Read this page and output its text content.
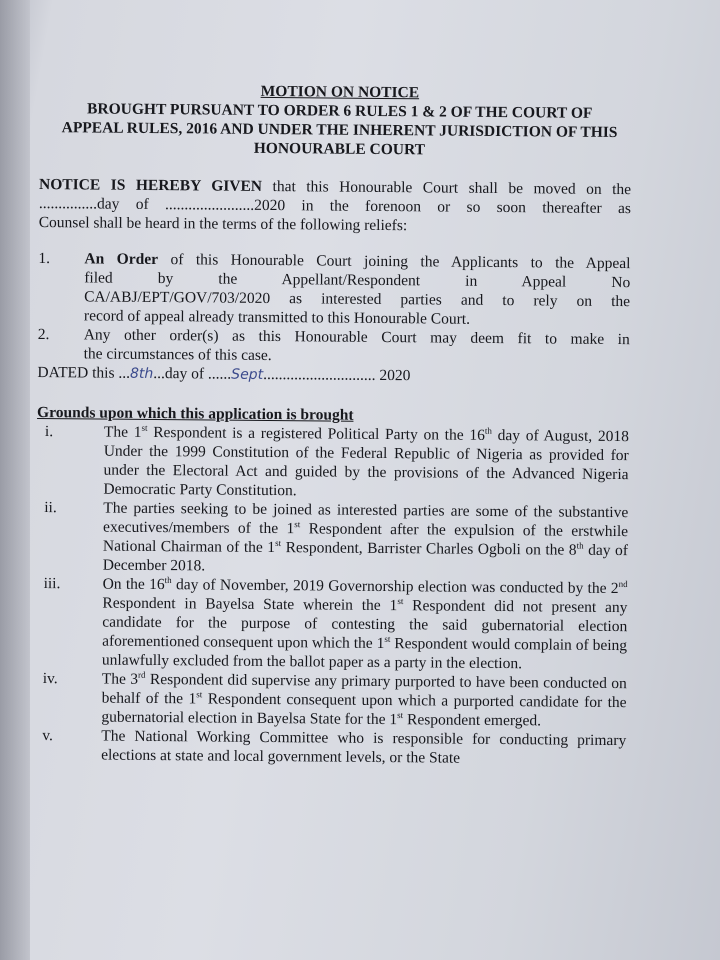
MOTION ON NOTICE
BROUGHT PURSUANT TO ORDER 6 RULES 1 & 2 OF THE COURT OF
APPEAL RULES, 2016 AND UNDER THE INHERENT JURISDICTION OF THIS
HONOURABLE COURT
NOTICE IS HEREBY GIVEN that this Honourable Court shall be moved on the
...............day of .......................2020 in the forenoon or so soon thereafter as
Counsel shall be heard in the terms of the following reliefs:
1.	An Order of this Honourable Court joining the Applicants to the Appeal
filed by the Appellant/Respondent in Appeal No
CA/ABJ/EPT/GOV/703/2020 as interested parties and to rely on the
record of appeal already transmitted to this Honourable Court.
2.	Any other order(s) as this Honourable Court may deem fit to make in
the circumstances of this case.
DATED this ... 8th ...day of ...... Sept ............................. 2020
Grounds upon which this application is brought
i.	The 1st Respondent is a registered Political Party on the 16th day of August, 2018 Under the 1999 Constitution of the Federal Republic of Nigeria as provided for under the Electoral Act and guided by the provisions of the Advanced Nigeria Democratic Party Constitution.
ii.	The parties seeking to be joined as interested parties are some of the substantive executives/members of the 1st Respondent after the expulsion of the erstwhile National Chairman of the 1st Respondent, Barrister Charles Ogboli on the 8th day of December 2018.
iii.	On the 16th day of November, 2019 Governorship election was conducted by the 2nd Respondent in Bayelsa State wherein the 1st Respondent did not present any candidate for the purpose of contesting the said gubernatorial election aforementioned consequent upon which the 1st Respondent would complain of being unlawfully excluded from the ballot paper as a party in the election.
iv.	The 3rd Respondent did supervise any primary purported to have been conducted on behalf of the 1st Respondent consequent upon which a purported candidate for the gubernatorial election in Bayelsa State for the 1st Respondent emerged.
v.	The National Working Committee who is responsible for conducting primary elections at state and local government levels, or the State
